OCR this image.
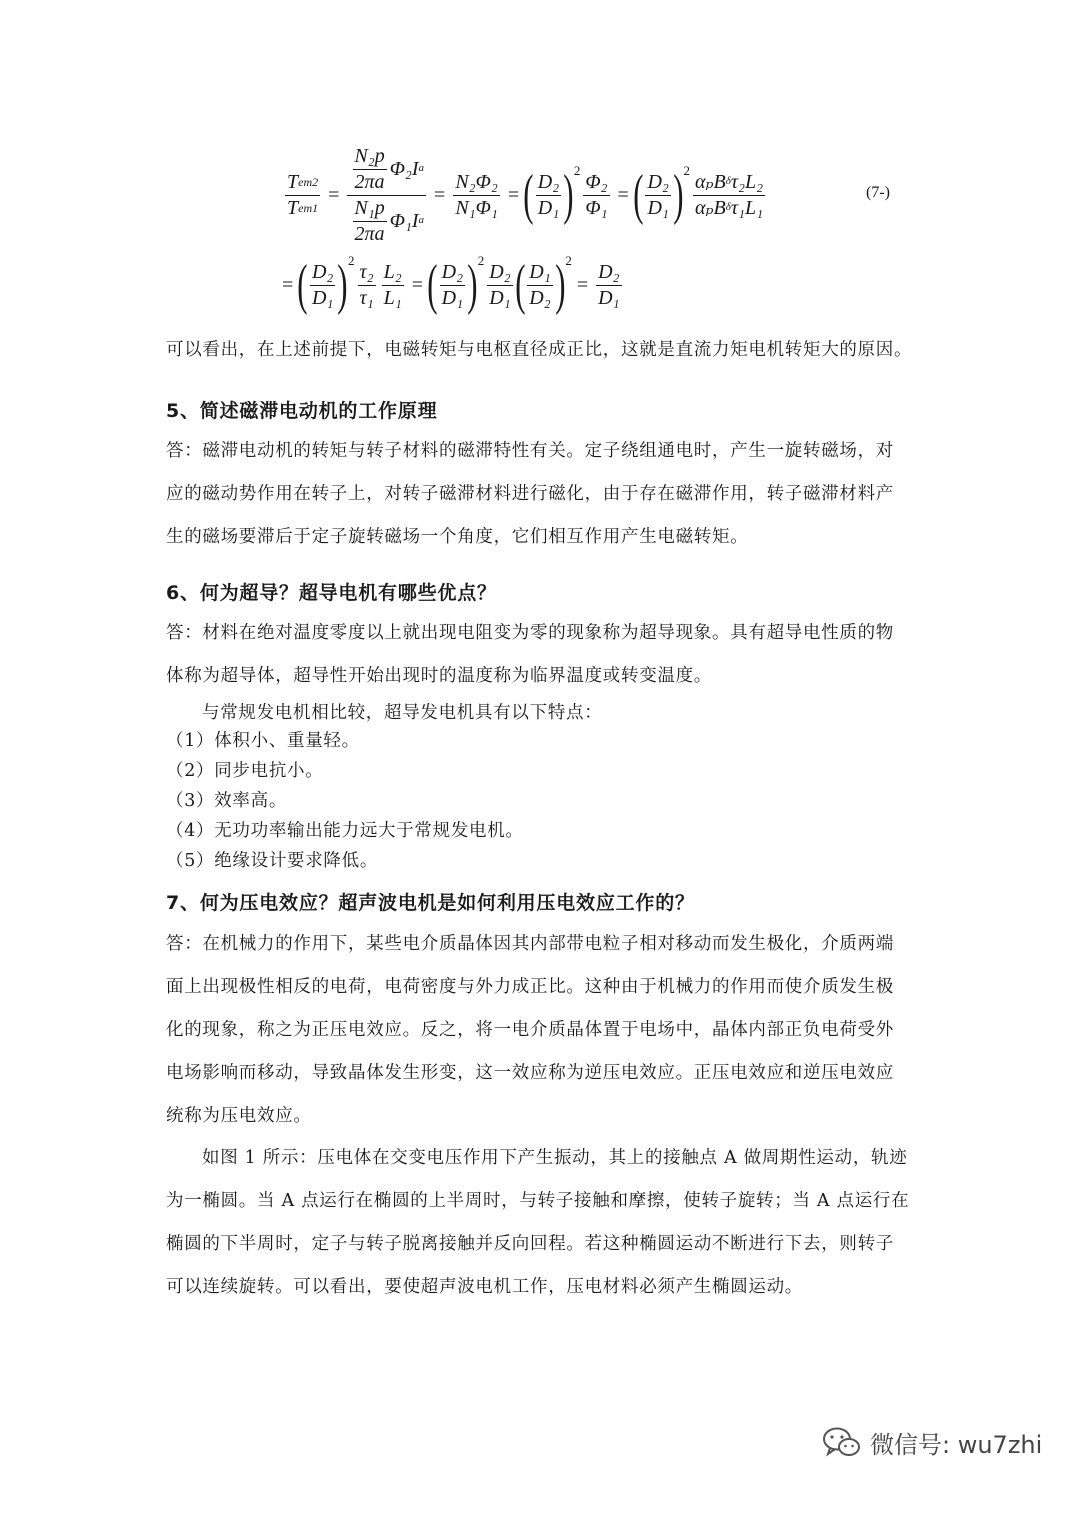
$\frac{\text{T em2}}{\text{T em1}} = \frac{\frac{\text{N₂p}}{2\pi a} \Phi_2I a}{\frac{\text{N₁p}}{2\pi a} \Phi_1I a} = \frac{\text{N₂Φ₂}}{\text{N₁Φ₁}}$ = ( $\frac{\text{D₂}}{\text{D₁}}$ ) $2 \frac{\text{Φ₂}}{\text{Φ₁}}$ = ( $\frac{\text{D₂}}{\text{D₁}}$ ) $2 \frac{\text{αₚB δ τ₂L₂}}{\text{αₚB δ τ₁L₁}}$	(7-)
= ( $\frac{\text{D₂}}{\text{D₁}}$ ) $2 \frac{\text{τ₂}}{\text{τ₁}} \frac{\text{L₂}}{\text{L₁}}$ = ( $\frac{\text{D₂}}{\text{D₁}}$ ) $2 \frac{\text{D₂}}{\text{D₁}}$ ( $\frac{\text{D₁}}{\text{D₂}}$ ) 2
= $\frac{\text{D₂}}{\text{D₁}}$
可以看出，在上述前提下，电磁转矩与电枢直径成正比，这就是直流力矩电机转矩大的原因。
5、简述磁滞电动机的工作原理
答：磁滞电动机的转矩与转子材料的磁滞特性有关。定子绕组通电时，产生一旋转磁场，对
应的磁动势作用在转子上，对转子磁滞材料进行磁化，由于存在磁滞作用，转子磁滞材料产
生的磁场要滞后于定子旋转磁场一个角度，它们相互作用产生电磁转矩。
6、何为超导？超导电机有哪些优点？
答：材料在绝对温度零度以上就出现电阻变为零的现象称为超导现象。具有超导电性质的物
体称为超导体，超导性开始出现时的温度称为临界温度或转变温度。
与常规发电机相比较，超导发电机具有以下特点：
（1）体积小、重量轻。
（2）同步电抗小。
（3）效率高。
（4）无功功率输出能力远大于常规发电机。
（5）绝缘设计要求降低。
7、何为压电效应？超声波电机是如何利用压电效应工作的？
答：在机械力的作用下，某些电介质晶体因其内部带电粒子相对移动而发生极化，介质两端
面上出现极性相反的电荷，电荷密度与外力成正比。这种由于机械力的作用而使介质发生极
化的现象，称之为正压电效应。反之，将一电介质晶体置于电场中，晶体内部正负电荷受外
电场影响而移动，导致晶体发生形变，这一效应称为逆压电效应。正压电效应和逆压电效应
统称为压电效应。
如图 1 所示：压电体在交变电压作用下产生振动，其上的接触点 A 做周期性运动，轨迹
为一椭圆。当 A 点运行在椭圆的上半周时，与转子接触和摩擦，使转子旋转；当 A 点运行在
椭圆的下半周时，定子与转子脱离接触并反向回程。若这种椭圆运动不断进行下去，则转子
可以连续旋转。可以看出，要使超声波电机工作，压电材料必须产生椭圆运动。
微信号: wu7zhi
